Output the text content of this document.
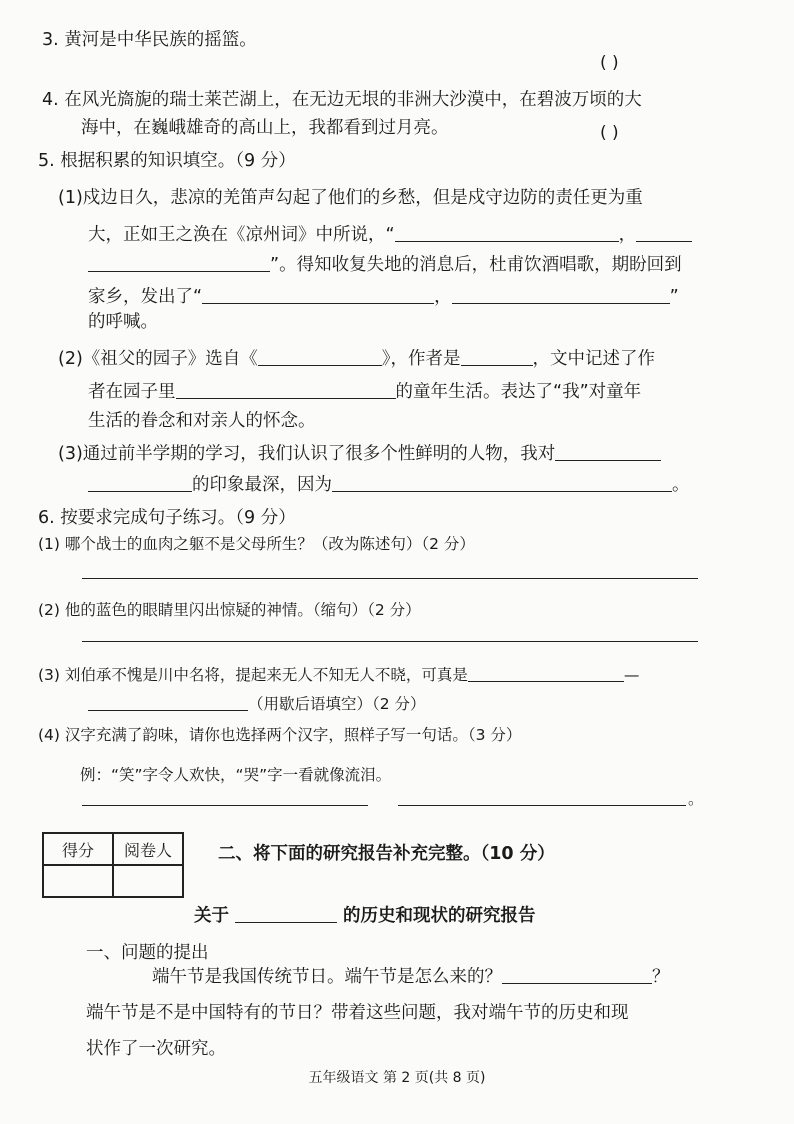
3. 黄河是中华民族的摇篮。
( )
4. 在风光旖旎的瑞士莱芒湖上，在无边无垠的非洲大沙漠中，在碧波万顷的大
( )
海中，在巍峨雄奇的高山上，我都看到过月亮。
5. 根据积累的知识填空。（9 分）
(1)戍边日久，悲凉的羌笛声勾起了他们的乡愁，但是戍守边防的责任更为重
大，正如王之涣在《凉州词》中所说，“	，
”。得知收复失地的消息后，杜甫饮酒唱歌，期盼回到
家乡，发出了“	，	”
的呼喊。
(2)《祖父的园子》选自《	》，作者是	，文中记述了作
者在园子里	的童年生活。表达了“我”对童年
生活的眷念和对亲人的怀念。
(3)通过前半学期的学习，我们认识了很多个性鲜明的人物，我对
的印象最深，因为	。
6. 按要求完成句子练习。（9 分）
(1) 哪个战士的血肉之躯不是父母所生？（改为陈述句）（2 分）
(2) 他的蓝色的眼睛里闪出惊疑的神情。（缩句）（2 分）
(3) 刘伯承不愧是川中名将，提起来无人不知无人不晓，可真是	—
（用歇后语填空）（2 分）
(4) 汉字充满了韵味，请你也选择两个汉字，照样子写一句话。（3 分）
例：“笑”字令人欢快，“哭”字一看就像流泪。
。
得分	阅卷人
		二、将下面的研究报告补充完整。（10 分）
关于	的历史和现状的研究报告
一、问题的提出
端午节是我国传统节日。端午节是怎么来的？	？
端午节是不是中国特有的节日？带着这些问题，我对端午节的历史和现
状作了一次研究。
五年级语文 第 2 页(共 8 页)
